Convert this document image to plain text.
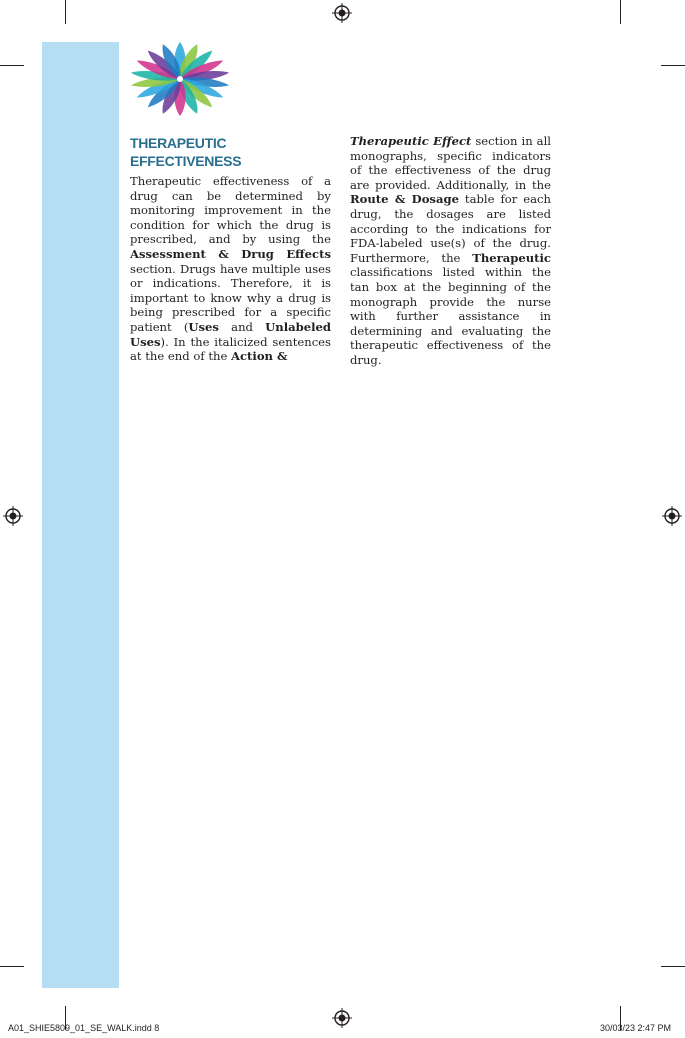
THERAPEUTIC EFFECTIVENESS
Therapeutic effectiveness of a drug can be determined by monitoring improvement in the condition for which the drug is prescribed, and by using the Assessment & Drug Effects section. Drugs have multiple uses or indications. Therefore, it is important to know why a drug is being prescribed for a specific patient (Uses and Unlabeled Uses). In the italicized sentences at the end of the Action &
Therapeutic Effect section in all monographs, specific indicators of the effectiveness of the drug are provided. Additionally, in the Route & Dosage table for each drug, the dosages are listed according to the indications for FDA-labeled use(s) of the drug. Furthermore, the Therapeutic classifications listed within the tan box at the beginning of the monograph provide the nurse with further assistance in determining and evaluating the therapeutic effectiveness of the drug.
A01_SHIE5809_01_SE_WALK.indd 8	30/03/23 2:47 PM
